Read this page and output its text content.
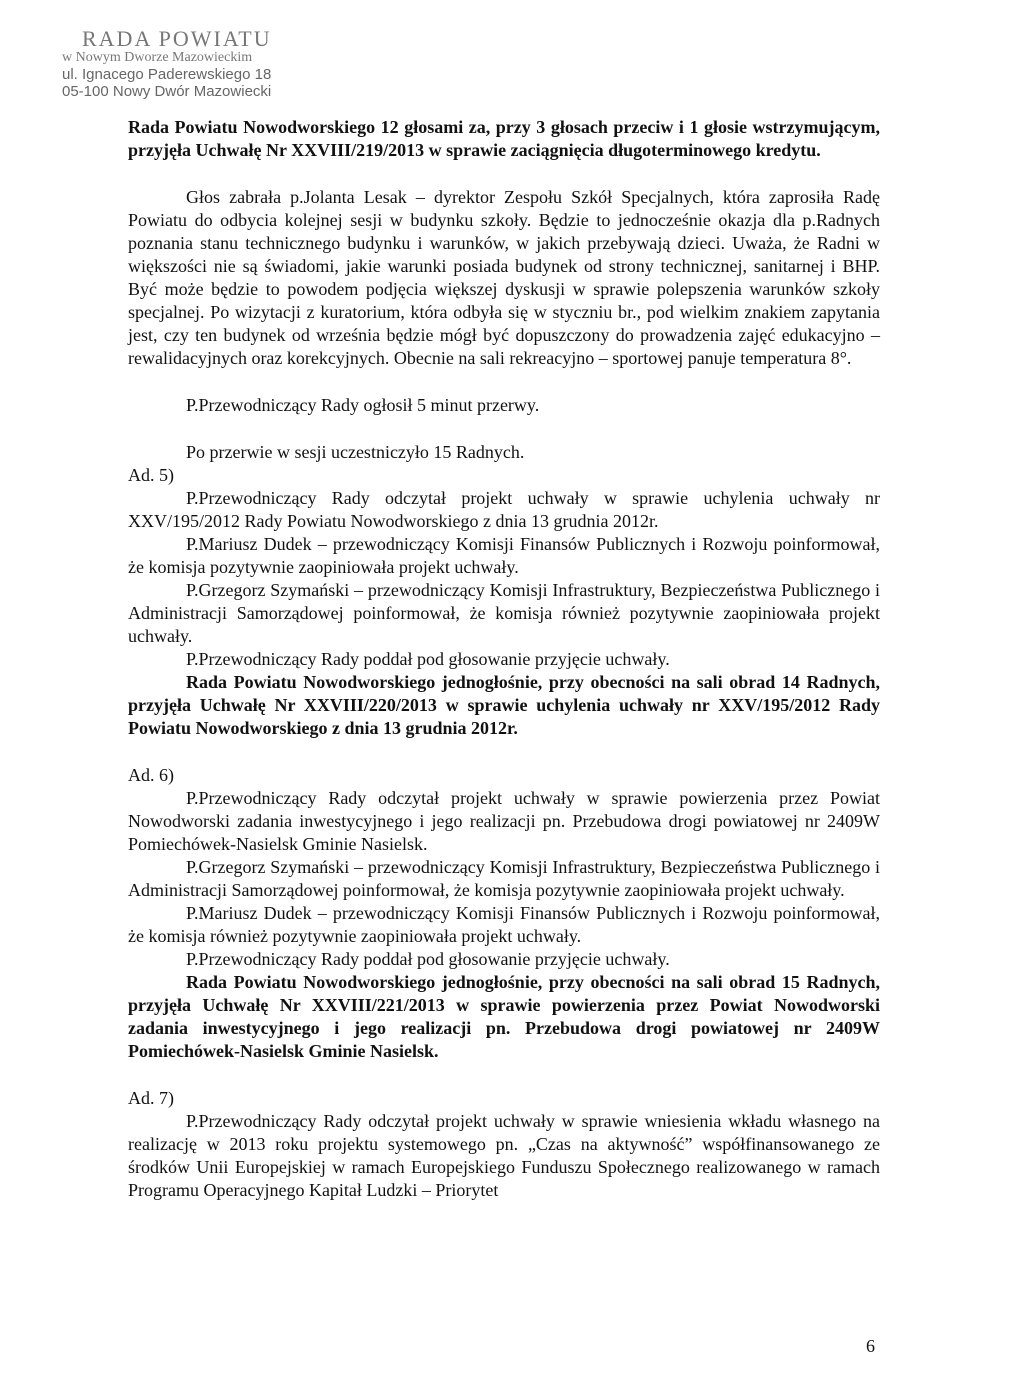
RADA POWIATU
w Nowym Dworze Mazowieckim
ul. Ignacego Paderewskiego 18
05-100 Nowy Dwór Mazowiecki

Rada Powiatu Nowodworskiego 12 głosami za, przy 3 głosach przeciw i 1 głosie wstrzymującym, przyjęła Uchwałę Nr XXVIII/219/2013 w sprawie zaciągnięcia długoterminowego kredytu.

Głos zabrała p.Jolanta Lesak – dyrektor Zespołu Szkół Specjalnych, która zaprosiła Radę Powiatu do odbycia kolejnej sesji w budynku szkoły. Będzie to jednocześnie okazja dla p.Radnych poznania stanu technicznego budynku i warunków, w jakich przebywają dzieci. Uważa, że Radni w większości nie są świadomi, jakie warunki posiada budynek od strony technicznej, sanitarnej i BHP. Być może będzie to powodem podjęcia większej dyskusji w sprawie polepszenia warunków szkoły specjalnej. Po wizytacji z kuratorium, która odbyła się w styczniu br., pod wielkim znakiem zapytania jest, czy ten budynek od września będzie mógł być dopuszczony do prowadzenia zajęć edukacyjno – rewalidacyjnych oraz korekcyjnych. Obecnie na sali rekreacyjno – sportowej panuje temperatura 8°.

P.Przewodniczący Rady ogłosił 5 minut przerwy.

Po przerwie w sesji uczestniczyło 15 Radnych.

Ad. 5)

P.Przewodniczący Rady odczytał projekt uchwały w sprawie uchylenia uchwały nr XXV/195/2012 Rady Powiatu Nowodworskiego z dnia 13 grudnia 2012r.

P.Mariusz Dudek – przewodniczący Komisji Finansów Publicznych i Rozwoju poinformował, że komisja pozytywnie zaopiniowała projekt uchwały.

P.Grzegorz Szymański – przewodniczący Komisji Infrastruktury, Bezpieczeństwa Publicznego i Administracji Samorządowej poinformował, że komisja również pozytywnie zaopiniowała projekt uchwały.

P.Przewodniczący Rady poddał pod głosowanie przyjęcie uchwały.

Rada Powiatu Nowodworskiego jednogłośnie, przy obecności na sali obrad 14 Radnych, przyjęła Uchwałę Nr XXVIII/220/2013 w sprawie uchylenia uchwały nr XXV/195/2012 Rady Powiatu Nowodworskiego z dnia 13 grudnia 2012r.

Ad. 6)

P.Przewodniczący Rady odczytał projekt uchwały w sprawie powierzenia przez Powiat Nowodworski zadania inwestycyjnego i jego realizacji pn. Przebudowa drogi powiatowej nr 2409W Pomiechówek-Nasielsk Gminie Nasielsk.

P.Grzegorz Szymański – przewodniczący Komisji Infrastruktury, Bezpieczeństwa Publicznego i Administracji Samorządowej poinformował, że komisja pozytywnie zaopiniowała projekt uchwały.

P.Mariusz Dudek – przewodniczący Komisji Finansów Publicznych i Rozwoju poinformował, że komisja również pozytywnie zaopiniowała projekt uchwały.

P.Przewodniczący Rady poddał pod głosowanie przyjęcie uchwały.

Rada Powiatu Nowodworskiego jednogłośnie, przy obecności na sali obrad 15 Radnych, przyjęła Uchwałę Nr XXVIII/221/2013 w sprawie powierzenia przez Powiat Nowodworski zadania inwestycyjnego i jego realizacji pn. Przebudowa drogi powiatowej nr 2409W Pomiechówek-Nasielsk Gminie Nasielsk.

Ad. 7)

P.Przewodniczący Rady odczytał projekt uchwały w sprawie wniesienia wkładu własnego na realizację w 2013 roku projektu systemowego pn. „Czas na aktywność” współfinansowanego ze środków Unii Europejskiej w ramach Europejskiego Funduszu Społecznego realizowanego w ramach Programu Operacyjnego Kapitał Ludzki – Priorytet

6
